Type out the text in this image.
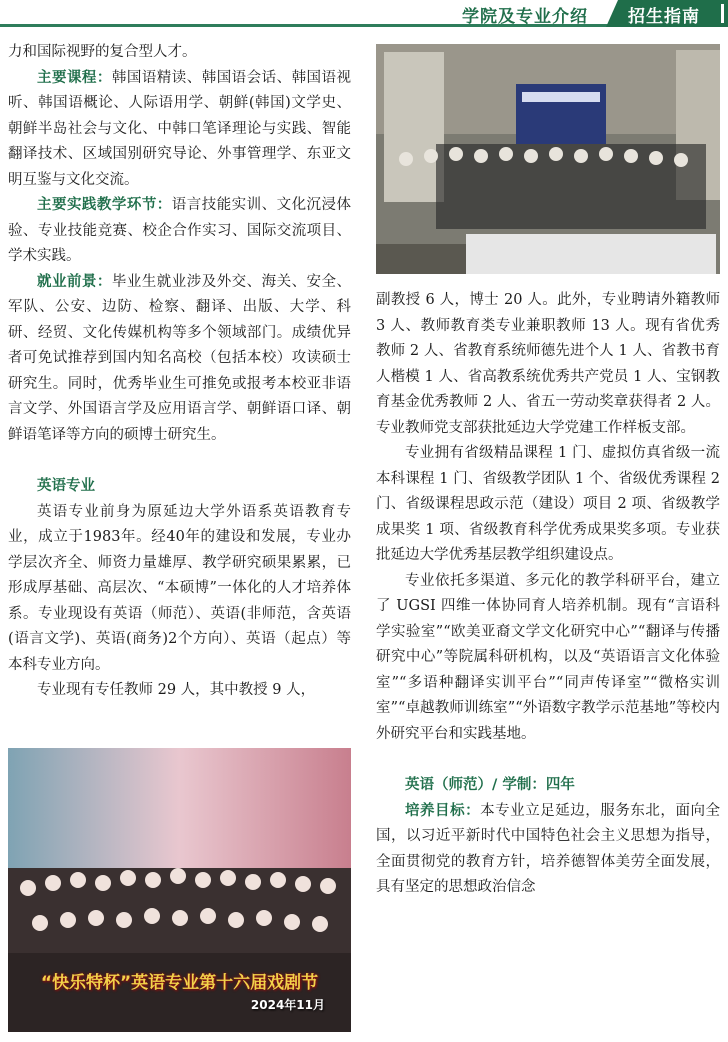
学院及专业介绍 招生指南
“快乐特杯”英语专业第十六届戏剧节
2024年11月

力和国际视野的复合型人才。

主要课程：韩国语精读、韩国语会话、韩国语视听、韩国语概论、人际语用学、朝鲜(韩国)文学史、朝鲜半岛社会与文化、中韩口笔译理论与实践、智能翻译技术、区域国别研究导论、外事管理学、东亚文明互鉴与文化交流。

主要实践教学环节：语言技能实训、文化沉浸体验、专业技能竞赛、校企合作实习、国际交流项目、学术实践。

就业前景：毕业生就业涉及外交、海关、安全、军队、公安、边防、检察、翻译、出版、大学、科研、经贸、文化传媒机构等多个领域部门。成绩优异者可免试推荐到国内知名高校（包括本校）攻读硕士研究生。同时，优秀毕业生可推免或报考本校亚非语言文学、外国语言学及应用语言学、朝鲜语口译、朝鲜语笔译等方向的硕博士研究生。

英语专业

英语专业前身为原延边大学外语系英语教育专业，成立于1983年。经40年的建设和发展，专业办学层次齐全、师资力量雄厚、教学研究硕果累累，已形成厚基础、高层次、“本硕博”一体化的人才培养体系。专业现设有英语（师范）、英语(非师范，含英语(语言文学)、英语(商务)2个方向）、英语（起点）等本科专业方向。

专业现有专任教师 29 人，其中教授 9 人，

副教授 6 人，博士 20 人。此外，专业聘请外籍教师 3 人、教师教育类专业兼职教师 13 人。现有省优秀教师 2 人、省教育系统师德先进个人 1 人、省教书育人楷模 1 人、省高教系统优秀共产党员 1 人、宝钢教育基金优秀教师 2 人、省五一劳动奖章获得者 2 人。专业教师党支部获批延边大学党建工作样板支部。

专业拥有省级精品课程 1 门、虚拟仿真省级一流本科课程 1 门、省级教学团队 1 个、省级优秀课程 2 门、省级课程思政示范（建设）项目 2 项、省级教学成果奖 1 项、省级教育科学优秀成果奖多项。专业获批延边大学优秀基层教学组织建设点。

专业依托多渠道、多元化的教学科研平台，建立了 UGSI 四维一体协同育人培养机制。现有“言语科学实验室”“欧美亚裔文学文化研究中心”“翻译与传播研究中心”等院属科研机构，以及“英语语言文化体验室”“多语种翻译实训平台”“同声传译室”“微格实训室”“卓越教师训练室”“外语数字教学示范基地”等校内外研究平台和实践基地。

英语（师范）/ 学制：四年

培养目标：本专业立足延边，服务东北，面向全国，以习近平新时代中国特色社会主义思想为指导，全面贯彻党的教育方针，培养德智体美劳全面发展，具有坚定的思想政治信念
